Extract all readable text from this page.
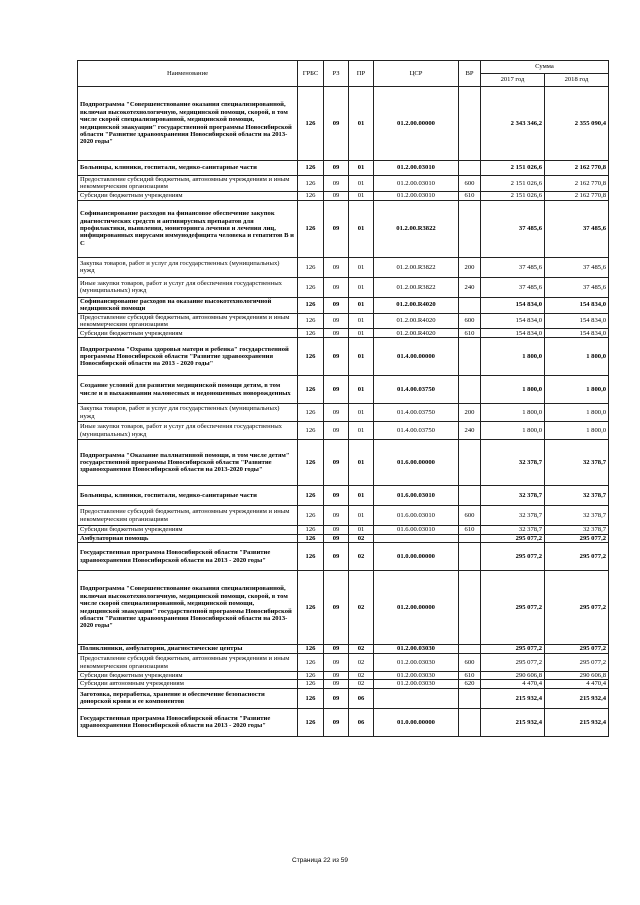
Наименование	ГРБС	РЗ	ПР	ЦСР	ВР	Сумма	
						2017 год	2018 год
Подпрограмма "Совершенствование оказания специализированной, включая высокотехнологичную, медицинской помощи, скорой, в том числе скорой специализированной, медицинской помощи, медицинской эвакуации" государственной программы Новосибирской области "Развитие здравоохранения Новосибирской области на 2013-2020 годы"	126	09	01	01.2.00.00000		2 343 346,2	2 355 090,4
Больницы, клиники, госпитали, медико-санитарные части	126	09	01	01.2.00.03010		2 151 026,6	2 162 770,8
Предоставление субсидий бюджетным, автономным учреждениям и иным некоммерческим организациям	126	09	01	01.2.00.03010	600	2 151 026,6	2 162 770,8
Субсидии бюджетным учреждениям	126	09	01	01.2.00.03010	610	2 151 026,6	2 162 770,8
Софинансирование расходов на финансовое обеспечение закупок диагностических средств и антивирусных препаратов для профилактики, выявления, мониторинга лечения и лечения лиц, инфицированных вирусами иммунодефицита человека и гепатитов В и С	126	09	01	01.2.00.R3822		37 485,6	37 485,6
Закупка товаров, работ и услуг для государственных (муниципальных) нужд	126	09	01	01.2.00.R3822	200	37 485,6	37 485,6
Иные закупки товаров, работ и услуг для обеспечения государственных (муниципальных) нужд	126	09	01	01.2.00.R3822	240	37 485,6	37 485,6
Софинансирование расходов на оказание высокотехнологичной медицинской помощи	126	09	01	01.2.00.R4020		154 834,0	154 834,0
Предоставление субсидий бюджетным, автономным учреждениям и иным некоммерческим организациям	126	09	01	01.2.00.R4020	600	154 834,0	154 834,0
Субсидии бюджетным учреждениям	126	09	01	01.2.00.R4020	610	154 834,0	154 834,0
Подпрограмма "Охрана здоровья матери и ребенка" государственной программы Новосибирской области "Развитие здравоохранения Новосибирской области на 2013 - 2020 годы"	126	09	01	01.4.00.00000		1 800,0	1 800,0
Создание условий для развития медицинской помощи детям, в том числе и в выхаживании маловесных и недоношенных новорожденных	126	09	01	01.4.00.03750		1 800,0	1 800,0
Закупка товаров, работ и услуг для государственных (муниципальных) нужд	126	09	01	01.4.00.03750	200	1 800,0	1 800,0
Иные закупки товаров, работ и услуг для обеспечения государственных (муниципальных) нужд	126	09	01	01.4.00.03750	240	1 800,0	1 800,0
Подпрограмма "Оказание паллиативной помощи, в том числе детям" государственной программы Новосибирской области "Развитие здравоохранения Новосибирской области на 2013-2020 годы"	126	09	01	01.6.00.00000		32 378,7	32 378,7
Больницы, клиники, госпитали, медико-санитарные части	126	09	01	01.6.00.03010		32 378,7	32 378,7
Предоставление субсидий бюджетным, автономным учреждениям и иным некоммерческим организациям	126	09	01	01.6.00.03010	600	32 378,7	32 378,7
Субсидии бюджетным учреждениям	126	09	01	01.6.00.03010	610	32 378,7	32 378,7
Амбулаторная помощь	126	09	02			295 077,2	295 077,2
Государственная программа Новосибирской области "Развитие здравоохранения Новосибирской области на 2013 - 2020 годы"	126	09	02	01.0.00.00000		295 077,2	295 077,2
Подпрограмма "Совершенствование оказания специализированной, включая высокотехнологичную, медицинской помощи, скорой, в том числе скорой специализированной, медицинской помощи, медицинской эвакуации" государственной программы Новосибирской области "Развитие здравоохранения Новосибирской области на 2013-2020 годы"	126	09	02	01.2.00.00000		295 077,2	295 077,2
Поликлиники, амбулатории, диагностические центры	126	09	02	01.2.00.03030		295 077,2	295 077,2
Предоставление субсидий бюджетным, автономным учреждениям и иным некоммерческим организациям	126	09	02	01.2.00.03030	600	295 077,2	295 077,2
Субсидии бюджетным учреждениям	126	09	02	01.2.00.03030	610	290 606,8	290 606,8
Субсидии автономным учреждениям	126	09	02	01.2.00.03030	620	4 470,4	4 470,4
Заготовка, переработка, хранение и обеспечение безопасности донорской крови и ее компонентов	126	09	06			215 932,4	215 932,4
Государственная программа Новосибирской области "Развитие здравоохранения Новосибирской области на 2013 - 2020 годы"	126	09	06	01.0.00.00000		215 932,4	215 932,4
Страница 22 из 59
